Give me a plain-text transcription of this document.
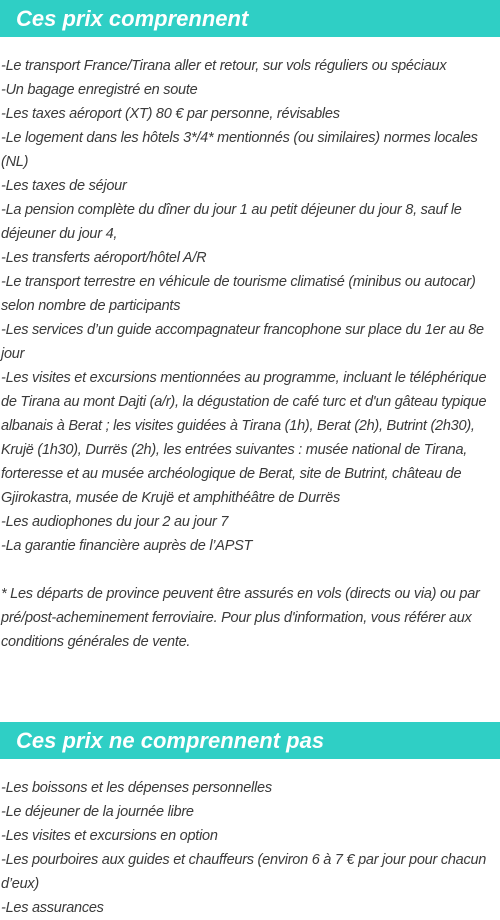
Ces prix comprennent
-Le transport France/Tirana aller et retour, sur vols réguliers ou spéciaux
-Un bagage enregistré en soute
-Les taxes aéroport (XT) 80 € par personne, révisables
-Le logement dans les hôtels 3*/4* mentionnés (ou similaires) normes locales (NL)
-Les taxes de séjour
-La pension complète du dîner du jour 1 au petit déjeuner du jour 8, sauf le déjeuner du jour 4,
-Les transferts aéroport/hôtel A/R
-Le transport terrestre en véhicule de tourisme climatisé (minibus ou autocar) selon nombre de participants
-Les services d’un guide accompagnateur francophone sur place du 1er au 8e jour
-Les visites et excursions mentionnées au programme, incluant le téléphérique de Tirana au mont Dajti (a/r), la dégustation de café turc et d'un gâteau typique albanais à Berat ; les visites guidées à Tirana (1h), Berat (2h), Butrint (2h30), Krujë (1h30), Durrës (2h), les entrées suivantes : musée national de Tirana, forteresse et au musée archéologique de Berat, site de Butrint, château de Gjirokastra, musée de Krujë et amphithéâtre de Durrës
-Les audiophones du jour 2 au jour 7
-La garantie financière auprès de l’APST

* Les départs de province peuvent être assurés en vols (directs ou via) ou par pré/post-acheminement ferroviaire. Pour plus d'information, vous référer aux conditions générales de vente.

Ces prix ne comprennent pas
-Les boissons et les dépenses personnelles
-Le déjeuner de la journée libre
-Les visites et excursions en option
-Les pourboires aux guides et chauffeurs (environ 6 à 7 € par jour pour chacun d’eux)
-Les assurances
